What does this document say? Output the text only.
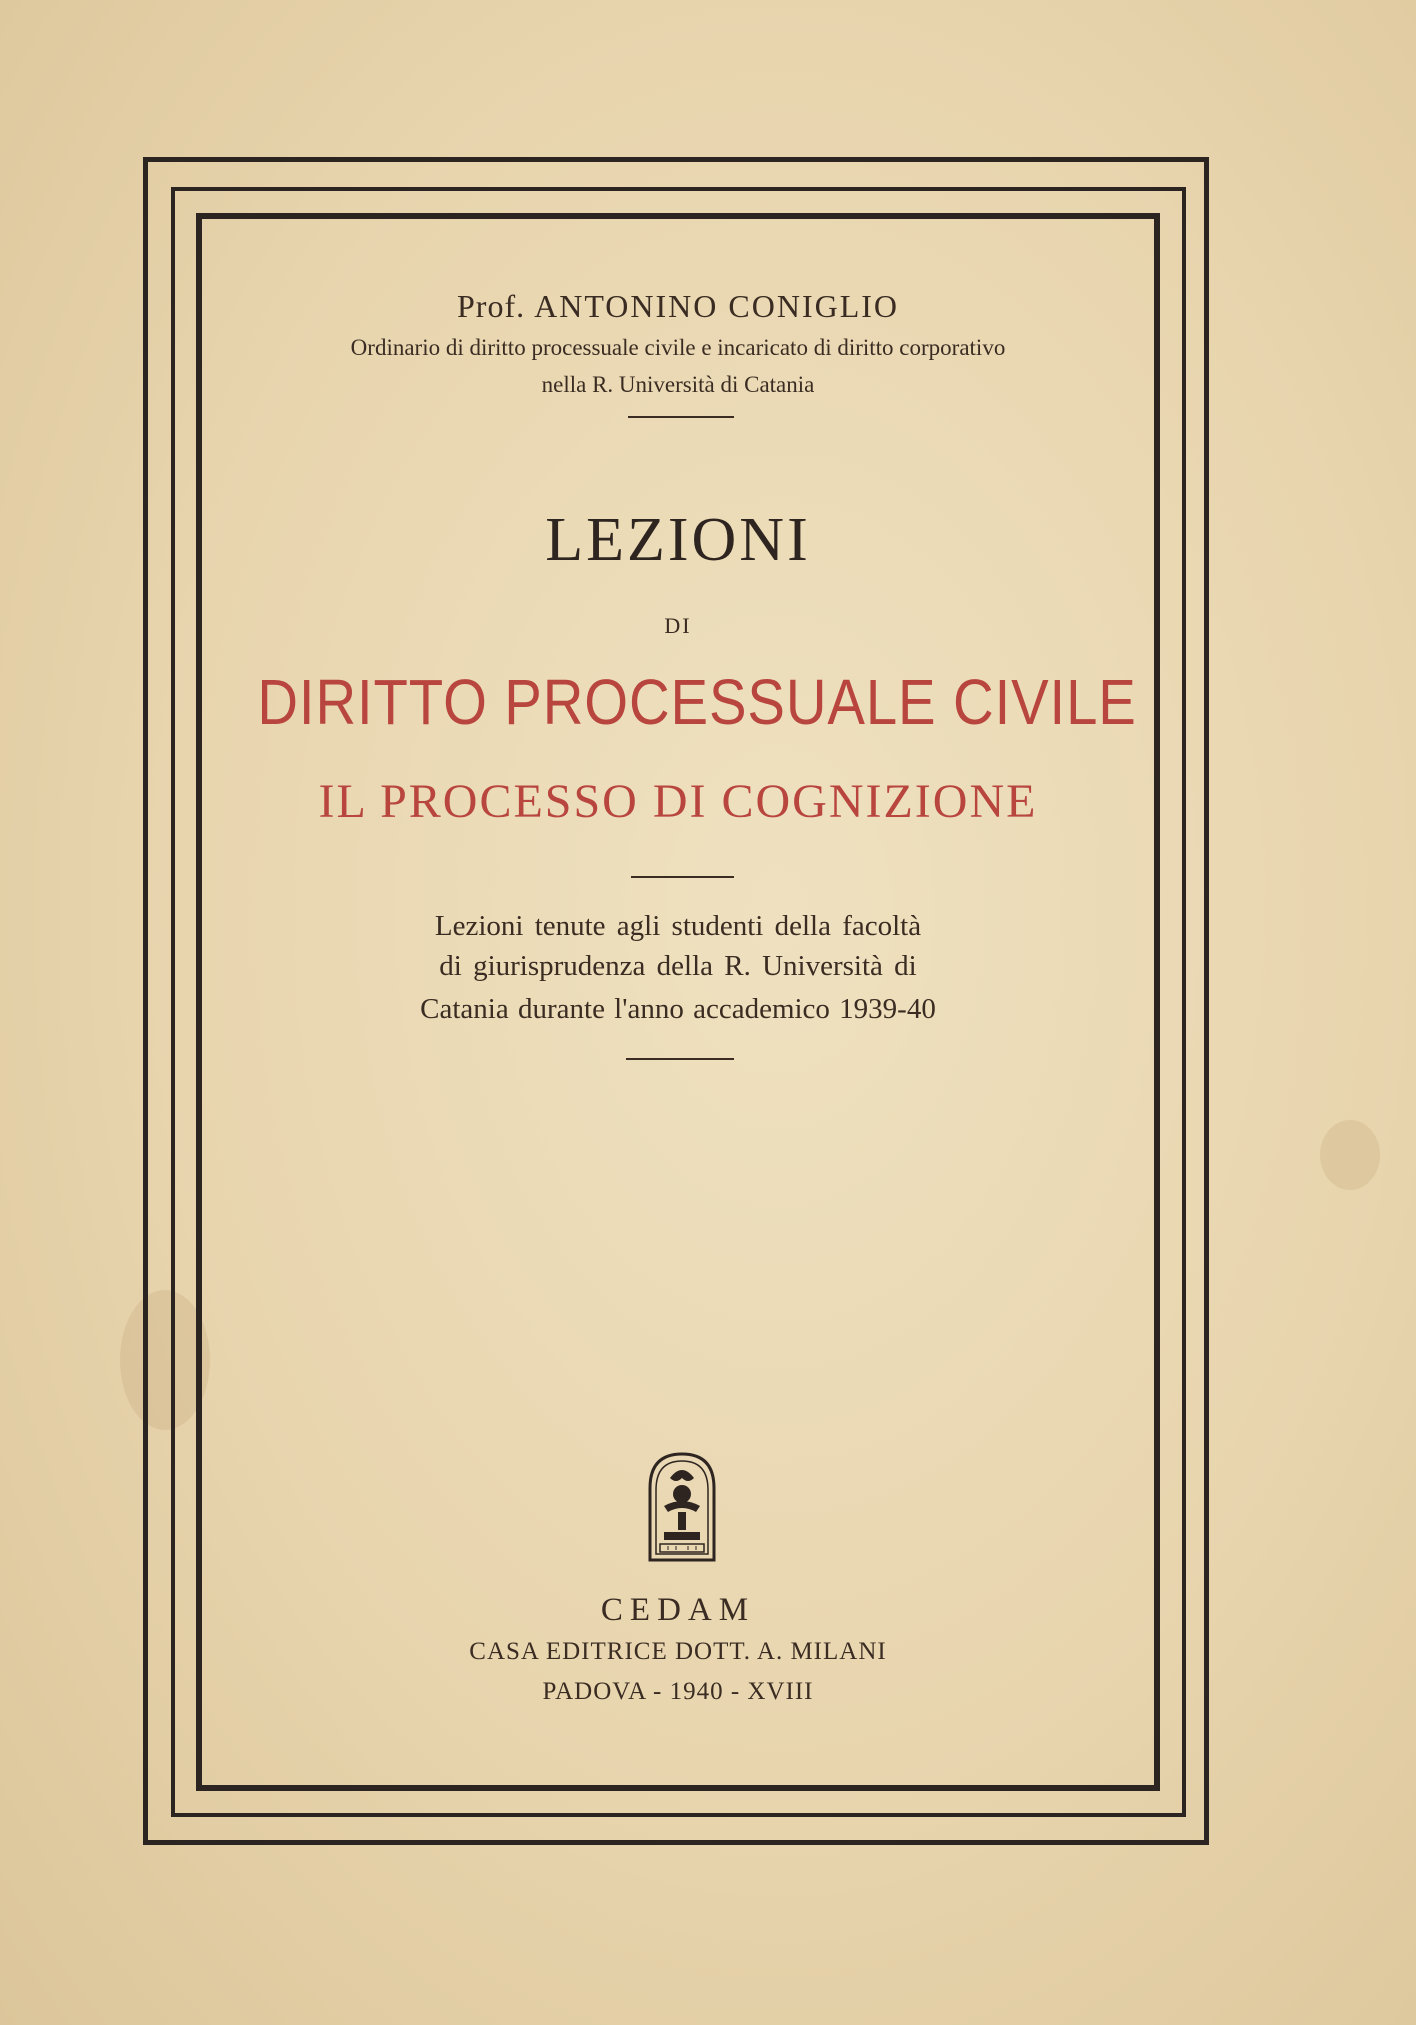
Prof. ANTONINO CONIGLIO
Ordinario di diritto processuale civile e incaricato di diritto corporativo
nella R. Università di Catania
LEZIONI
DI
DIRITTO PROCESSUALE CIVILE
IL PROCESSO DI COGNIZIONE
Lezioni tenute agli studenti della facoltà
di giurisprudenza della R. Università di
Catania durante l'anno accademico 1939-40
CEDAM
CASA EDITRICE DOTT. A. MILANI
PADOVA - 1940 - XVIII
